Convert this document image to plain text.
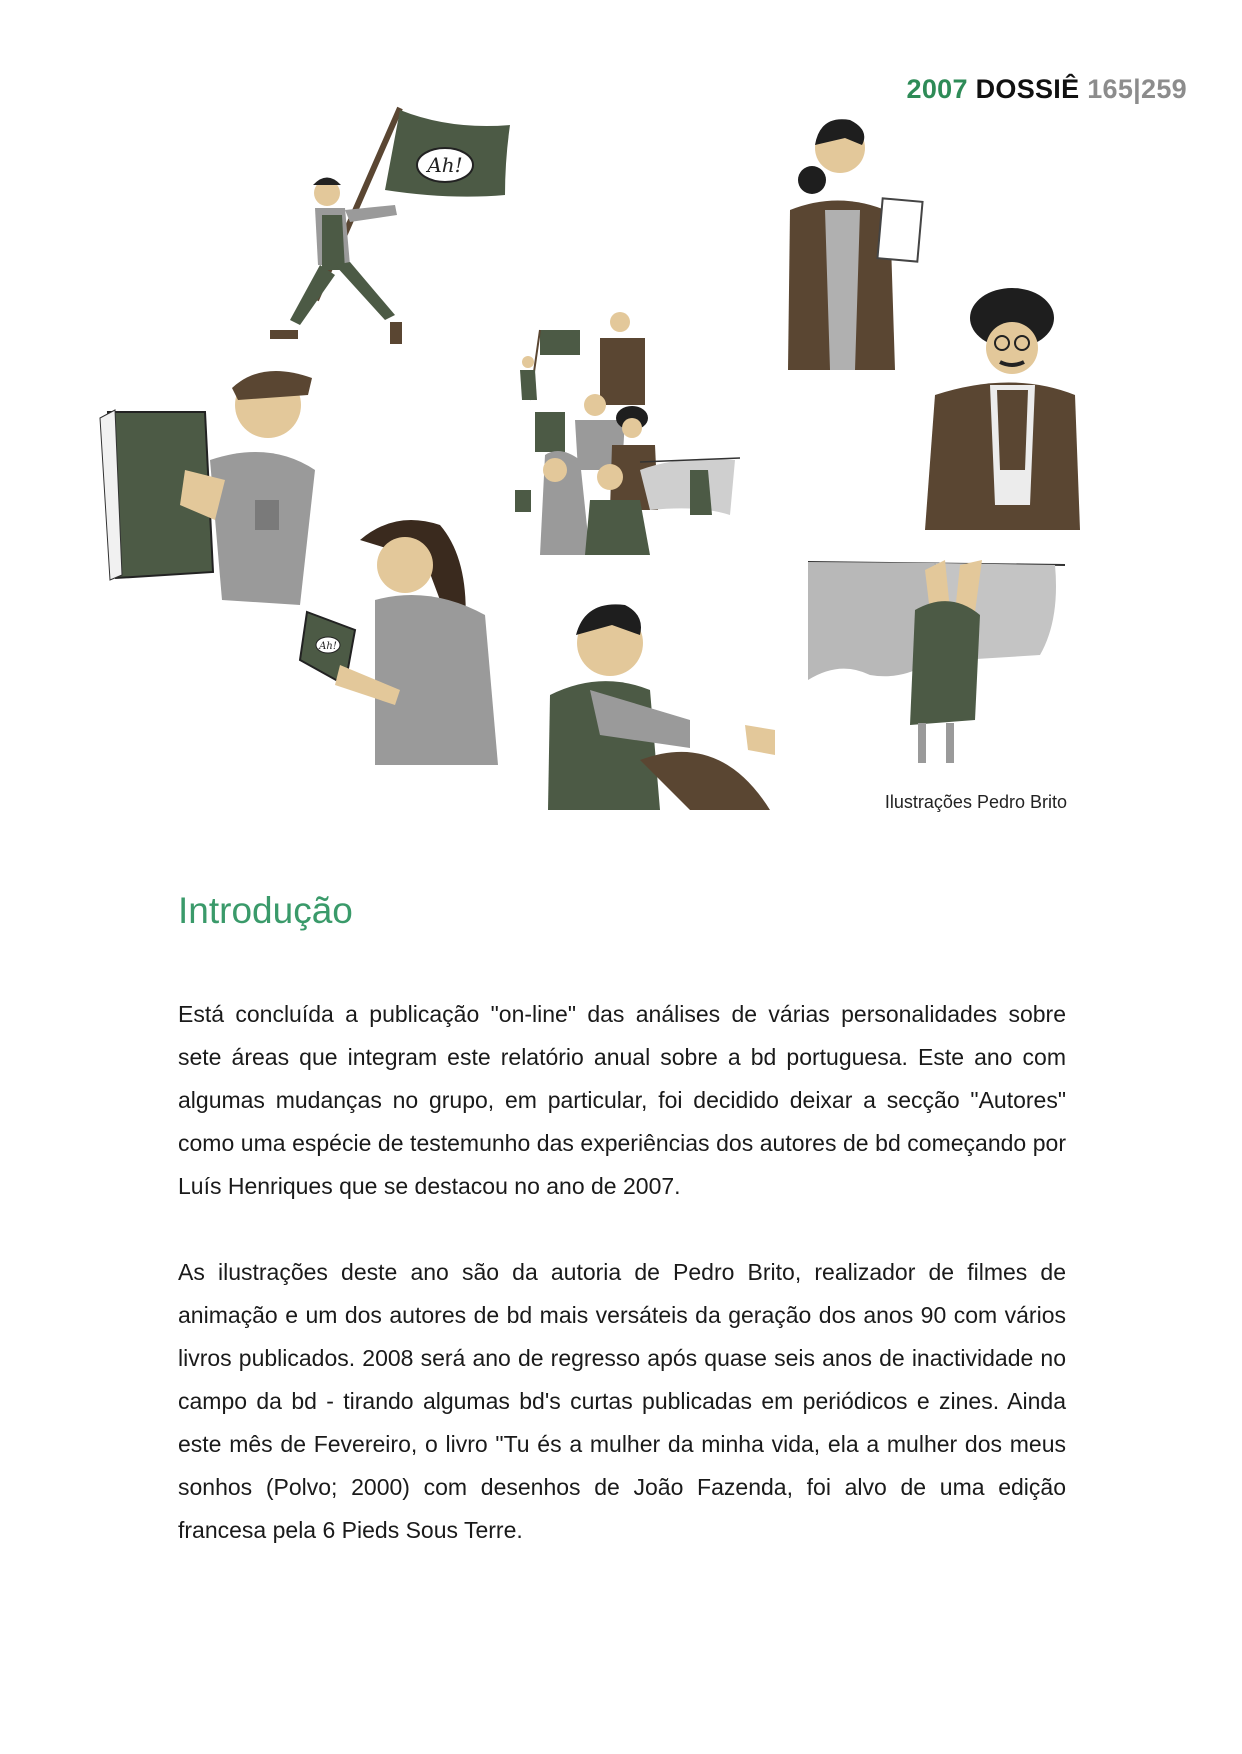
2007 DOSSIÊ 165|259
Ah!
Ah!
Ilustrações Pedro Brito
Introdução

Está concluída a publicação "on-line" das análises de várias personalidades sobre sete áreas que integram este relatório anual sobre a bd portuguesa. Este ano com algumas mudanças no grupo, em particular, foi decidido deixar a secção "Autores" como uma espécie de testemunho das experiências dos autores de bd começando por Luís Henriques que se destacou no ano de 2007.

As ilustrações deste ano são da autoria de Pedro Brito, realizador de filmes de animação e um dos autores de bd mais versáteis da geração dos anos 90 com vários livros publicados. 2008 será ano de regresso após quase seis anos de inactividade no campo da bd - tirando algumas bd's curtas publicadas em periódicos e zines. Ainda este mês de Fevereiro, o livro "Tu és a mulher da minha vida, ela a mulher dos meus sonhos (Polvo; 2000) com desenhos de João Fazenda, foi alvo de uma edição francesa pela 6 Pieds Sous Terre.
